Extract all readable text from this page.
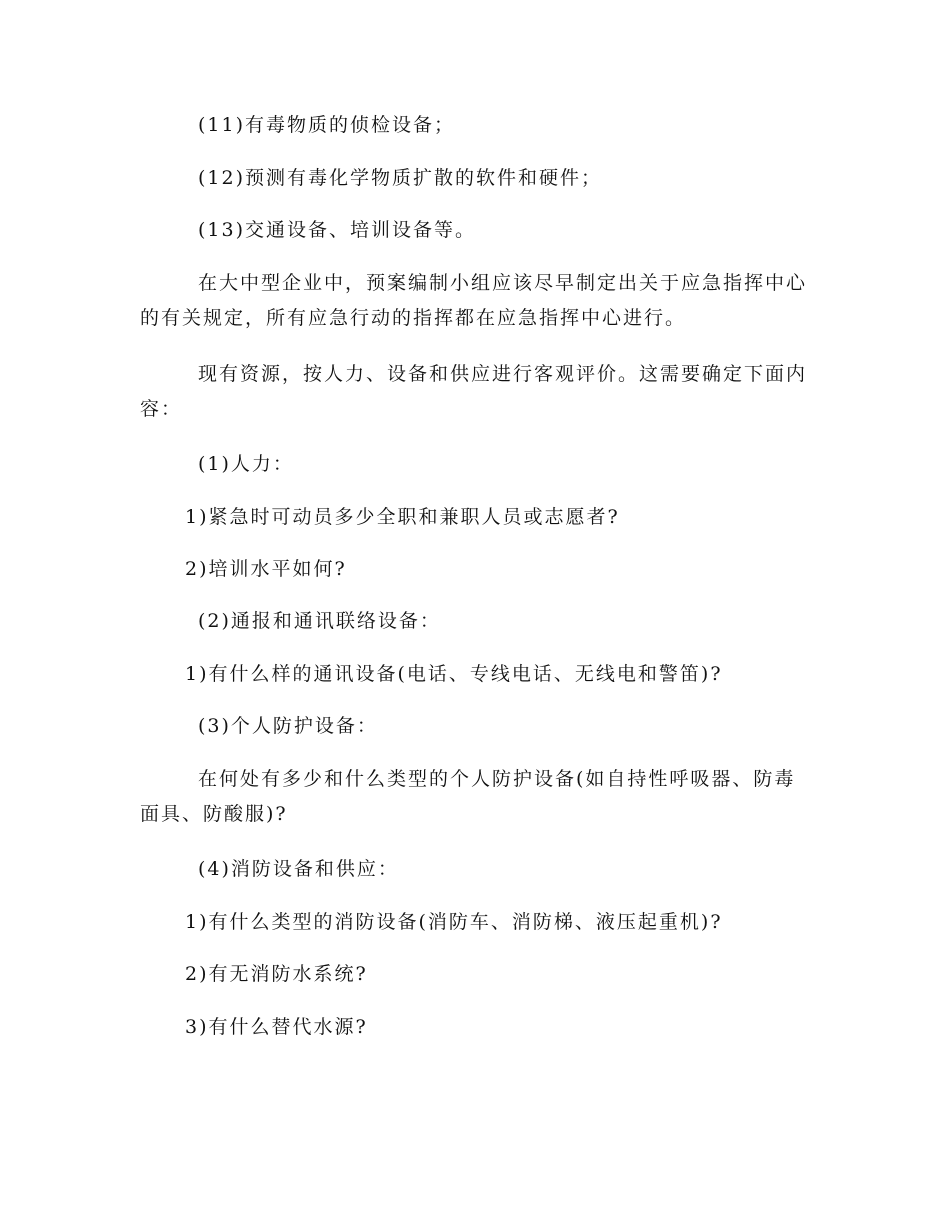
(11)有毒物质的侦检设备；

(12)预测有毒化学物质扩散的软件和硬件；

(13)交通设备、培训设备等。

在大中型企业中，预案编制小组应该尽早制定出关于应急指挥中心的有关规定，所有应急行动的指挥都在应急指挥中心进行。

现有资源，按人力、设备和供应进行客观评价。这需要确定下面内容：

(1)人力：

1)紧急时可动员多少全职和兼职人员或志愿者?

2)培训水平如何?

(2)通报和通讯联络设备：

1)有什么样的通讯设备(电话、专线电话、无线电和警笛)?

(3)个人防护设备：

在何处有多少和什么类型的个人防护设备(如自持性呼吸器、防毒面具、防酸服)?

(4)消防设备和供应：

1)有什么类型的消防设备(消防车、消防梯、液压起重机)?

2)有无消防水系统?

3)有什么替代水源?
